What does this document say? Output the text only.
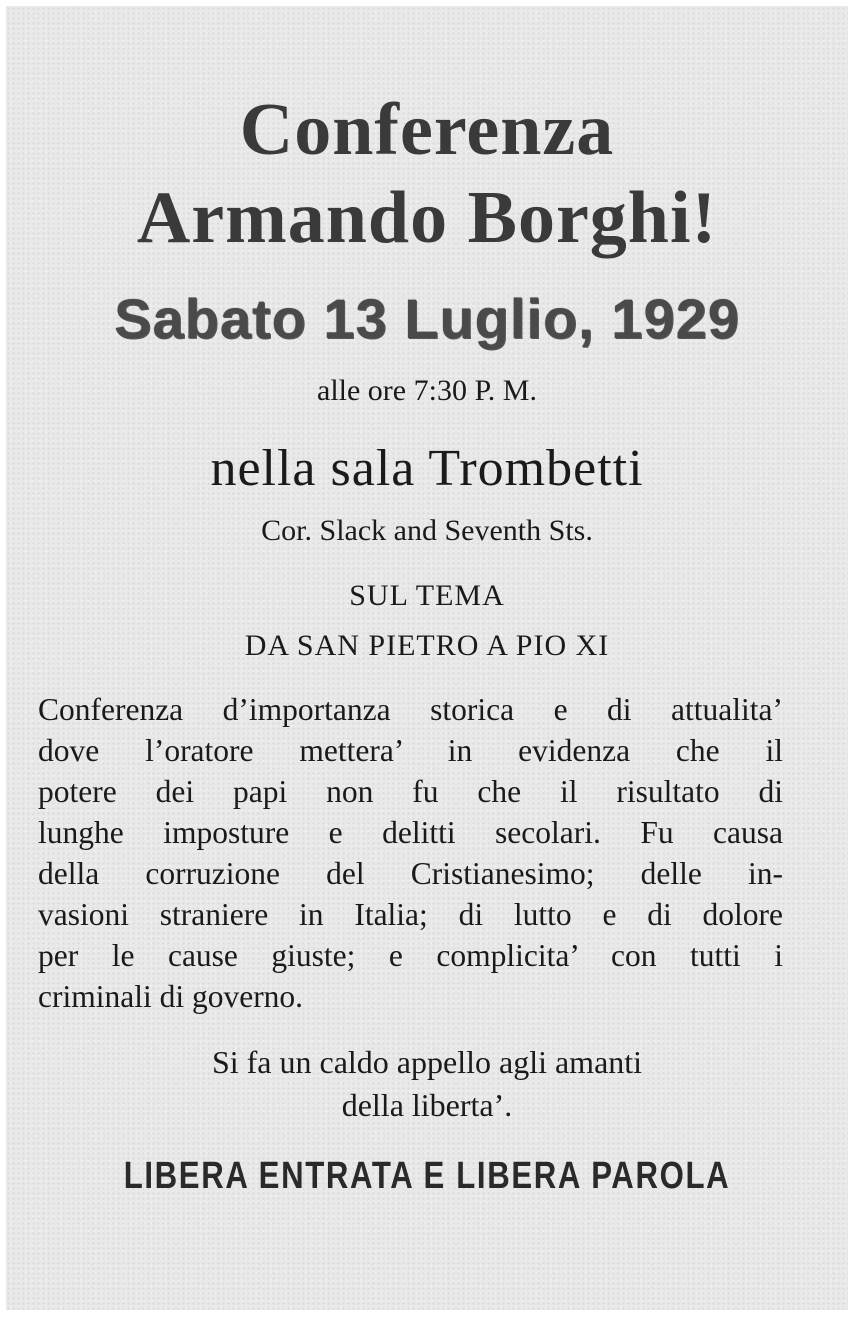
Conferenza
Armando Borghi!

Sabato 13 Luglio, 1929

alle ore 7:30 P. M.

nella sala Trombetti

Cor. Slack and Seventh Sts.

SUL TEMA

DA SAN PIETRO A PIO XI

Conferenza d’importanza storica e di attualita’
dove l’oratore mettera’ in evidenza che il
potere dei papi non fu che il risultato di
lunghe imposture e delitti secolari. Fu causa
della corruzione del Cristianesimo; delle in-
vasioni straniere in Italia; di lutto e di dolore
per le cause giuste; e complicita’ con tutti i
criminali di governo.

Si fa un caldo appello agli amanti

della liberta’.

LIBERA ENTRATA E LIBERA PAROLA
